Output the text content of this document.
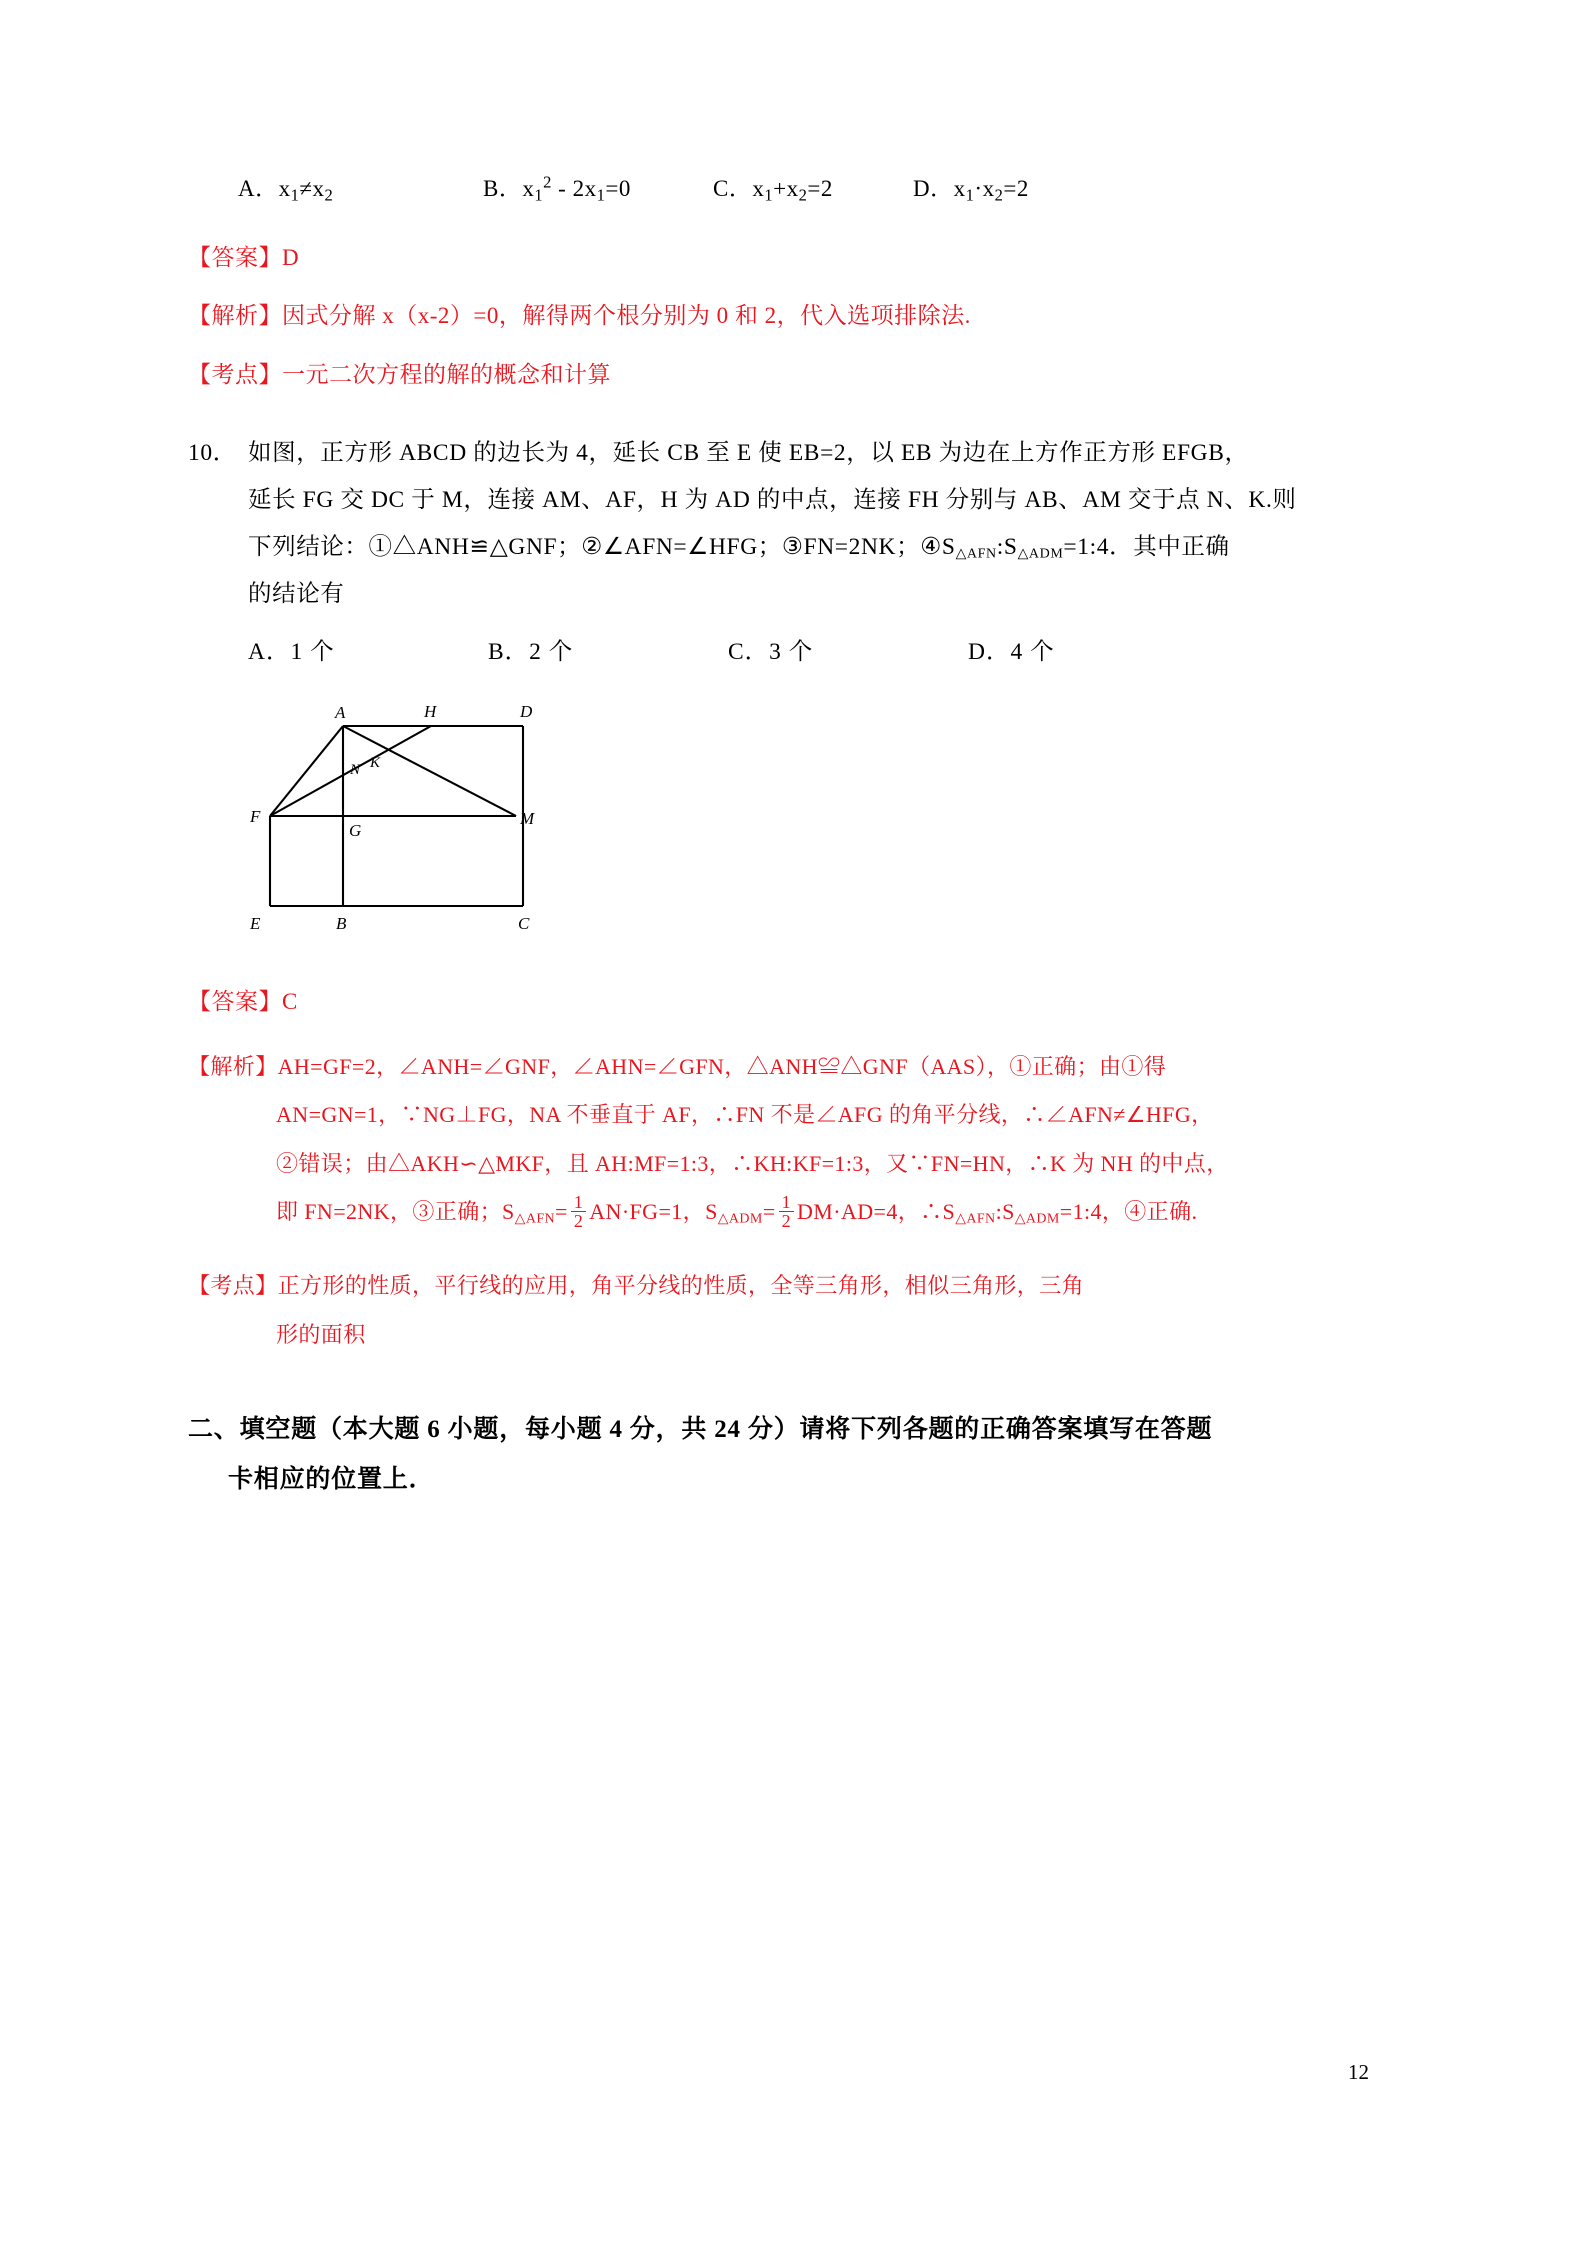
A．$x_1\ne x_2$	B．$x_1^2 - 2x_1=0$	C．$x_1+x_2=2$	D．$x_1\cdot x_2=2$
【答案】D
【解析】因式分解 x（x-2）=0，解得两个根分别为 0 和 2，代入选项排除法.
【考点】一元二次方程的解的概念和计算
10． 如图，正方形 ABCD 的边长为 4，延长 CB 至 E 使 EB=2，以 EB 为边在上方作正方形 EFGB，
延长 FG 交 DC 于 M，连接 AM、AF，H 为 AD 的中点，连接 FH 分别与 AB、AM 交于点 N、K.则
下列结论：①△ANH≌△GNF；②∠AFN=∠HFG；③FN=2NK；④S△AFN:S△ADM=1:4．其中正确
的结论有
A．1 个	B．2 个	C．3 个	D．4 个
A	H	D
N K
F
G
M
E	B	C
【答案】C
【解析】AH=GF=2，∠ANH=∠GNF，∠AHN=∠GFN，△ANH≌△GNF（AAS），①正确；由①得
AN=GN=1，∵NG⊥FG，NA 不垂直于 AF，∴FN 不是∠AFG 的角平分线，∴∠AFN≠∠HFG，
②错误；由△AKH∽△MKF，且 AH:MF=1:3，∴KH:KF=1:3，又∵FN=HN，∴K 为 NH 的中点，
即 FN=2NK，③正确；S△AFN= $\frac{1}{2} AN\cdot FG=1$，S△ADM= $\frac{1}{2} DM\cdot AD=4$，∴S△AFN:S△ADM=1:4，④正确.
【考点】正方形的性质，平行线的应用，角平分线的性质，全等三角形，相似三角形，三角
形的面积
二、填空题（本大题 6 小题，每小题 4 分，共 24 分）请将下列各题的正确答案填写在答题
卡相应的位置上．
12
